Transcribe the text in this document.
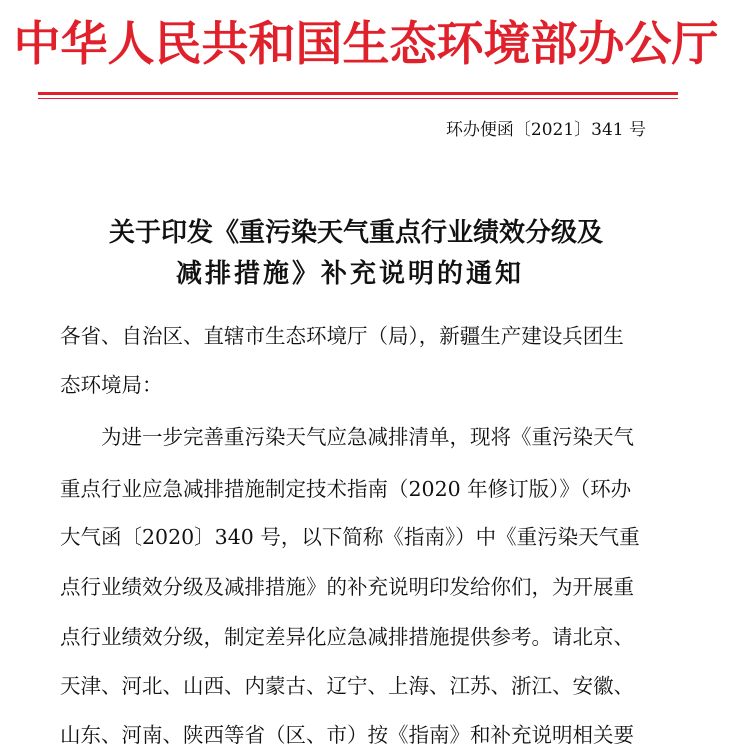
中华人民共和国生态环境部办公厅
环办便函〔2021〕341 号
关于印发《重污染天气重点行业绩效分级及
减排措施》补充说明的通知
各省、自治区、直辖市生态环境厅（局），新疆生产建设兵团生
态环境局：
　　为进一步完善重污染天气应急减排清单，现将《重污染天气
重点行业应急减排措施制定技术指南（2020 年修订版）》（环办
大气函〔2020〕340 号，以下简称《指南》）中《重污染天气重
点行业绩效分级及减排措施》的补充说明印发给你们，为开展重
点行业绩效分级，制定差异化应急减排措施提供参考。请北京、
天津、河北、山西、内蒙古、辽宁、上海、江苏、浙江、安徽、
山东、河南、陕西等省（区、市）按《指南》和补充说明相关要
